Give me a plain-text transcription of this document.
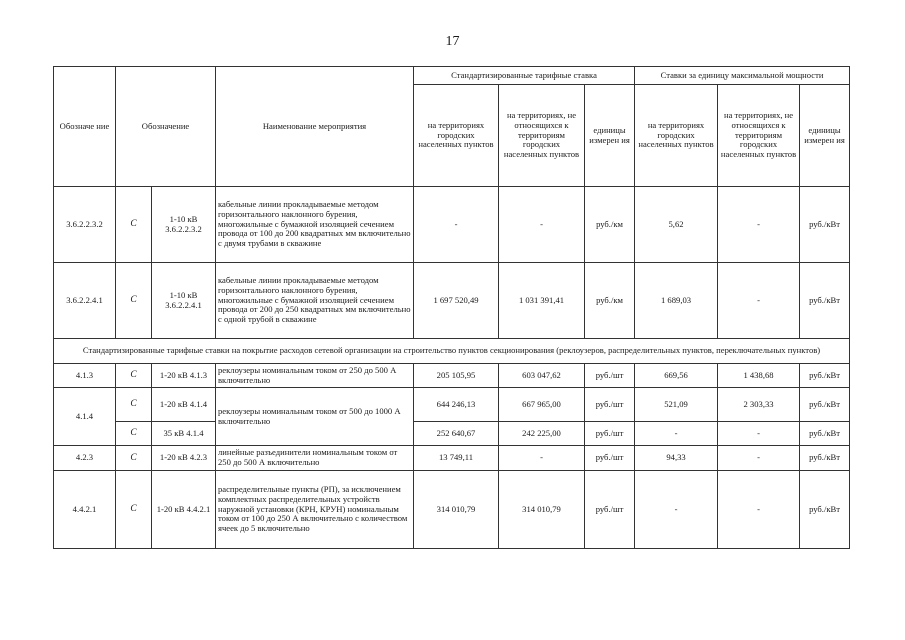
17
Обозначе ние	Обозначение		Наименование мероприятия	Стандартизированные тарифные ставка			Ставки за единицу максимальной мощности		
				на территориях городских населенных пунктов	на территориях, не относящихся к территориям городских населенных пунктов	единицы измерен ия	на территориях городских населенных пунктов	на территориях, не относящихся к территориям городских населенных пунктов	единицы измерен ия
3.6.2.2.3.2	С	1-10 кВ 3.6.2.2.3.2	кабельные линии прокладываемые методом горизонтального наклонного бурения, многожильные с бумажной изоляцией сечением провода от 100 до 200 квадратных мм включительно с двумя трубами в скважине	-	-	руб./км	5,62	-	руб./кВт
3.6.2.2.4.1	С	1-10 кВ 3.6.2.2.4.1	кабельные линии прокладываемые методом горизонтального наклонного бурения, многожильные с бумажной изоляцией сечением провода от 200 до 250 квадратных мм включительно с одной трубой в скважине	1 697 520,49	1 031 391,41	руб./км	1 689,03	-	руб./кВт
Стандартизированные тарифные ставки на покрытие расходов сетевой организации на строительство пунктов секционирования (реклоузеров, распределительных пунктов, переключательных пунктов)									
4.1.3	С	1-20 кВ 4.1.3	реклоузеры номинальным током от 250 до 500 А включительно	205 105,95	603 047,62	руб./шт	669,56	1 438,68	руб./кВт
4.1.4	С	1-20 кВ 4.1.4	реклоузеры номинальным током от 500 до 1000 А включительно	644 246,13	667 965,00	руб./шт	521,09	2 303,33	руб./кВт
	С	35 кВ 4.1.4		252 640,67	242 225,00	руб./шт	-	-	руб./кВт
4.2.3	С	1-20 кВ 4.2.3	линейные разъединители номинальным током от 250 до 500 А включительно	13 749,11	-	руб./шт	94,33	-	руб./кВт
4.4.2.1	С	1-20 кВ 4.4.2.1	распределительные пункты (РП), за исключением комплектных распределительных устройств наружной установки (КРН, КРУН) номинальным током от 100 до 250 А включительно с количеством ячеек до 5 включительно	314 010,79	314 010,79	руб./шт	-	-	руб./кВт
